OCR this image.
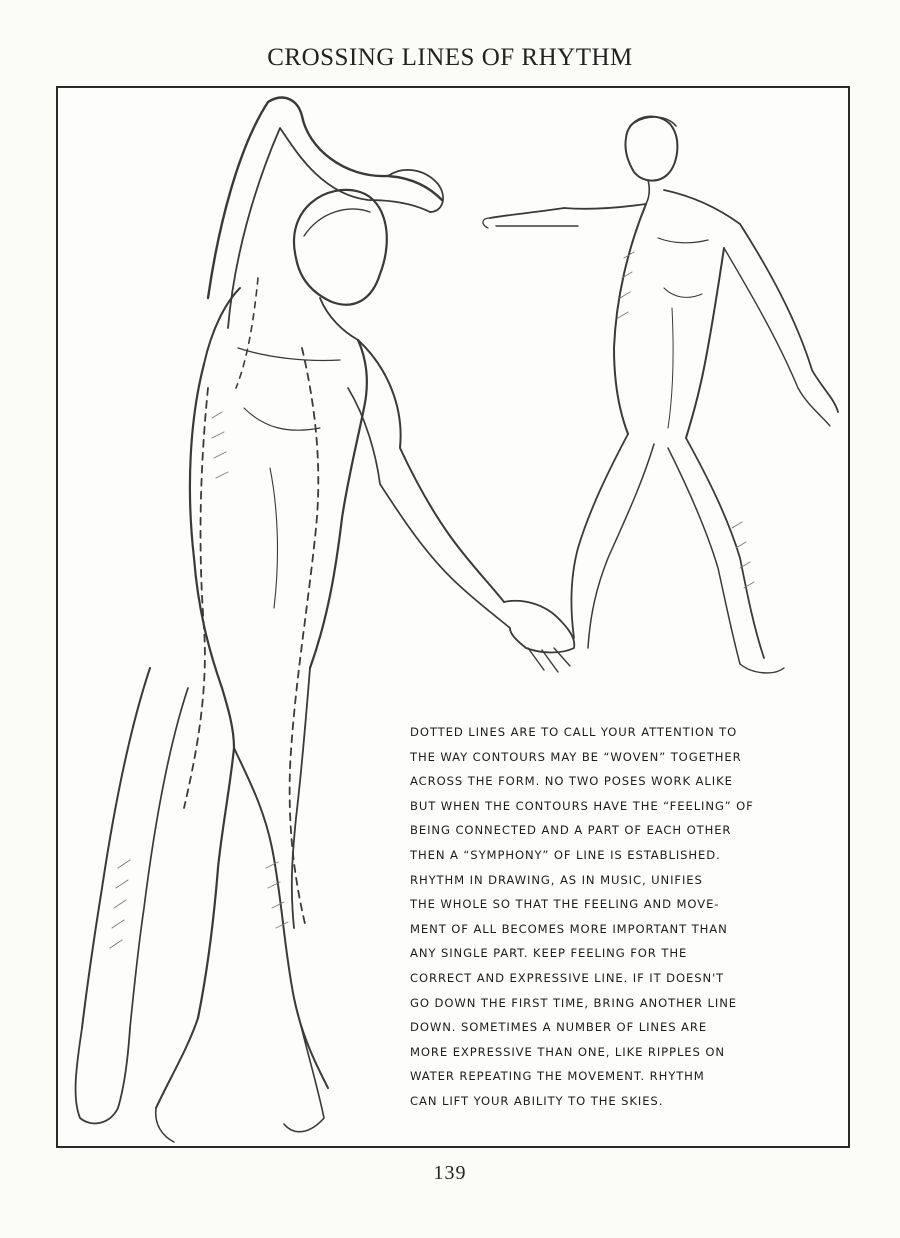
CROSSING LINES OF RHYTHM
DOTTED LINES ARE TO CALL YOUR ATTENTION TO
THE WAY CONTOURS MAY BE “WOVEN” TOGETHER
ACROSS THE FORM. NO TWO POSES WORK ALIKE
BUT WHEN THE CONTOURS HAVE THE “FEELING” OF
BEING CONNECTED AND A PART OF EACH OTHER
THEN A “SYMPHONY” OF LINE IS ESTABLISHED.
RHYTHM IN DRAWING, AS IN MUSIC, UNIFIES
THE WHOLE SO THAT THE FEELING AND MOVE-
MENT OF ALL BECOMES MORE IMPORTANT THAN
ANY SINGLE PART. KEEP FEELING FOR THE
CORRECT AND EXPRESSIVE LINE. IF IT DOESN'T
GO DOWN THE FIRST TIME, BRING ANOTHER LINE
DOWN. SOMETIMES A NUMBER OF LINES ARE
MORE EXPRESSIVE THAN ONE, LIKE RIPPLES ON
WATER REPEATING THE MOVEMENT. RHYTHM
CAN LIFT YOUR ABILITY TO THE SKIES.
139
